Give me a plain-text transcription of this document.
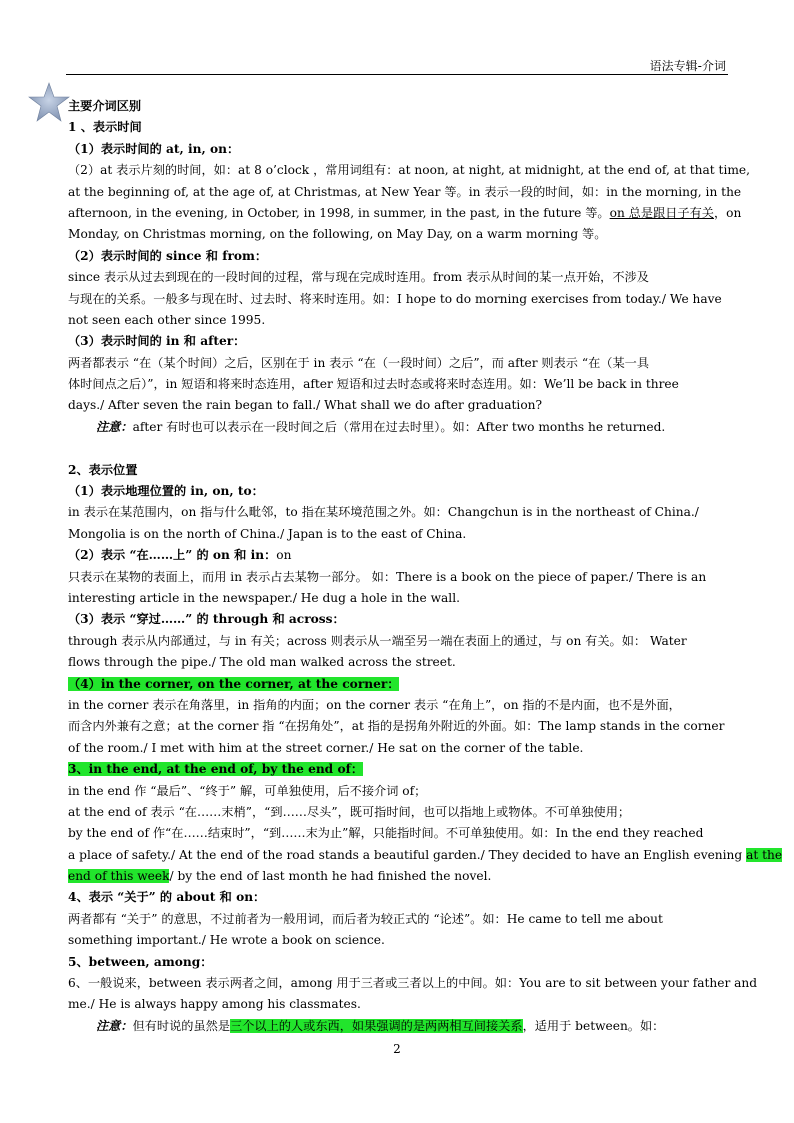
语法专辑-介词
主要介词区别
1 、表示时间
（1）表示时间的 at, in, on：
（2）at 表示片刻的时间，如：at 8 o’clock ，常用词组有：at noon, at night, at midnight, at the end of, at that time,
at the beginning of, at the age of, at Christmas, at New Year 等。in 表示一段的时间，如：in the morning, in the
afternoon, in the evening, in October, in 1998, in summer, in the past, in the future 等。on 总是跟日子有关，on
Monday, on Christmas morning, on the following, on May Day, on a warm morning 等。
（2）表示时间的 since 和 from：
since 表示从过去到现在的一段时间的过程，常与现在完成时连用。from 表示从时间的某一点开始，不涉及
与现在的关系。一般多与现在时、过去时、将来时连用。如：I hope to do morning exercises from today./ We have
not seen each other since 1995.
（3）表示时间的 in 和 after：
两者都表示 “在（某个时间）之后，区别在于 in 表示 “在（一段时间）之后”，而 after 则表示 “在（某一具
体时间点之后）”，in 短语和将来时态连用，after 短语和过去时态或将来时态连用。如：We’ll be back in three
days./ After seven the rain began to fall./ What shall we do after graduation?
注意：after 有时也可以表示在一段时间之后（常用在过去时里）。如：After two months he returned.
2、表示位置
（1）表示地理位置的 in, on, to：
in 表示在某范围内，on 指与什么毗邻，to 指在某环境范围之外。如：Changchun is in the northeast of China./
Mongolia is on the north of China./ Japan is to the east of China.
（2）表示 “在……上” 的 on 和 in：on
只表示在某物的表面上，而用 in 表示占去某物一部分。 如：There is a book on the piece of paper./ There is an
interesting article in the newspaper./ He dug a hole in the wall.
（3）表示 “穿过……” 的 through 和 across：
through 表示从内部通过，与 in 有关；across 则表示从一端至另一端在表面上的通过，与 on 有关。如： Water
flows through the pipe./ The old man walked across the street.
（4）in the corner, on the corner, at the corner：
in the corner 表示在角落里，in 指角的内面；on the corner 表示 “在角上”，on 指的不是内面，也不是外面，
而含内外兼有之意；at the corner 指 “在拐角处”，at 指的是拐角外附近的外面。如：The lamp stands in the corner
of the room./ I met with him at the street corner./ He sat on the corner of the table.
3、in the end, at the end of, by the end of：
in the end 作 “最后”、“终于” 解，可单独使用，后不接介词 of；
at the end of 表示 “在……末梢”，“到……尽头”，既可指时间，也可以指地上或物体。不可单独使用；
by the end of 作“在……结束时”，“到……末为止”解，只能指时间。不可单独使用。如：In the end they reached
a place of safety./ At the end of the road stands a beautiful garden./ They decided to have an English evening at the
end of this week/ by the end of last month he had finished the novel.
4、表示 “关于” 的 about 和 on：
两者都有 “关于” 的意思，不过前者为一般用词，而后者为较正式的 “论述”。如：He came to tell me about
something important./ He wrote a book on science.
5、between, among：
6、一般说来，between 表示两者之间，among 用于三者或三者以上的中间。如：You are to sit between your father and
me./ He is always happy among his classmates.
注意：但有时说的虽然是三个以上的人或东西，如果强调的是两两相互间接关系，适用于 between。如：
2
